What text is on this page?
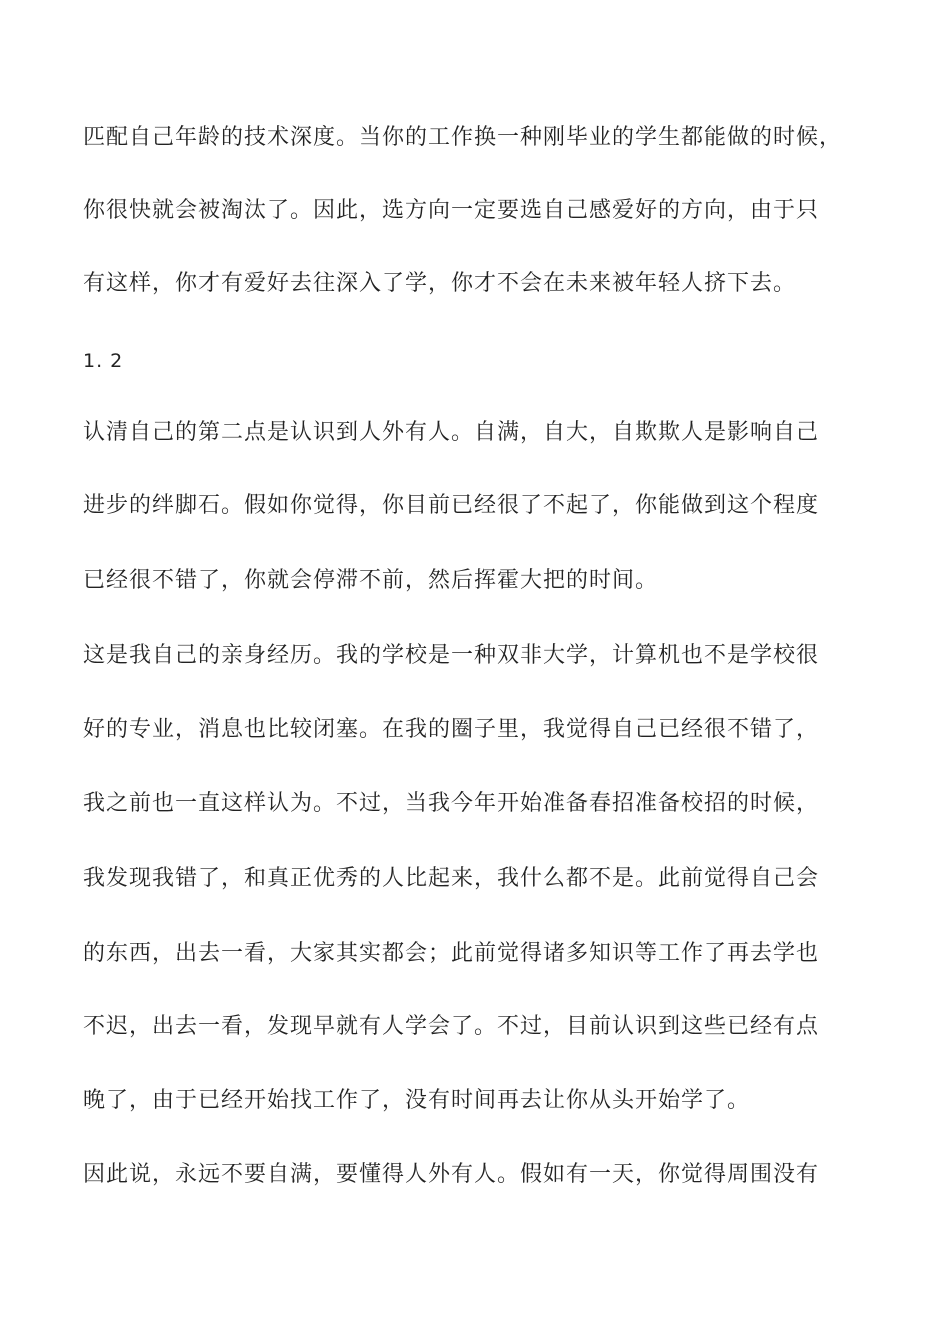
匹配自己年龄的技术深度。当你的工作换一种刚毕业的学生都能做的时候，
你很快就会被淘汰了。因此，选方向一定要选自己感爱好的方向，由于只
有这样，你才有爱好去往深入了学，你才不会在未来被年轻人挤下去。
1. 2
认清自己的第二点是认识到人外有人。自满，自大，自欺欺人是影响自己
进步的绊脚石。假如你觉得，你目前已经很了不起了，你能做到这个程度
已经很不错了，你就会停滞不前，然后挥霍大把的时间。
这是我自己的亲身经历。我的学校是一种双非大学，计算机也不是学校很
好的专业，消息也比较闭塞。在我的圈子里，我觉得自己已经很不错了，
我之前也一直这样认为。不过，当我今年开始准备春招准备校招的时候，
我发现我错了，和真正优秀的人比起来，我什么都不是。此前觉得自己会
的东西，出去一看，大家其实都会；此前觉得诸多知识等工作了再去学也
不迟，出去一看，发现早就有人学会了。不过，目前认识到这些已经有点
晚了，由于已经开始找工作了，没有时间再去让你从头开始学了。
因此说，永远不要自满，要懂得人外有人。假如有一天，你觉得周围没有
